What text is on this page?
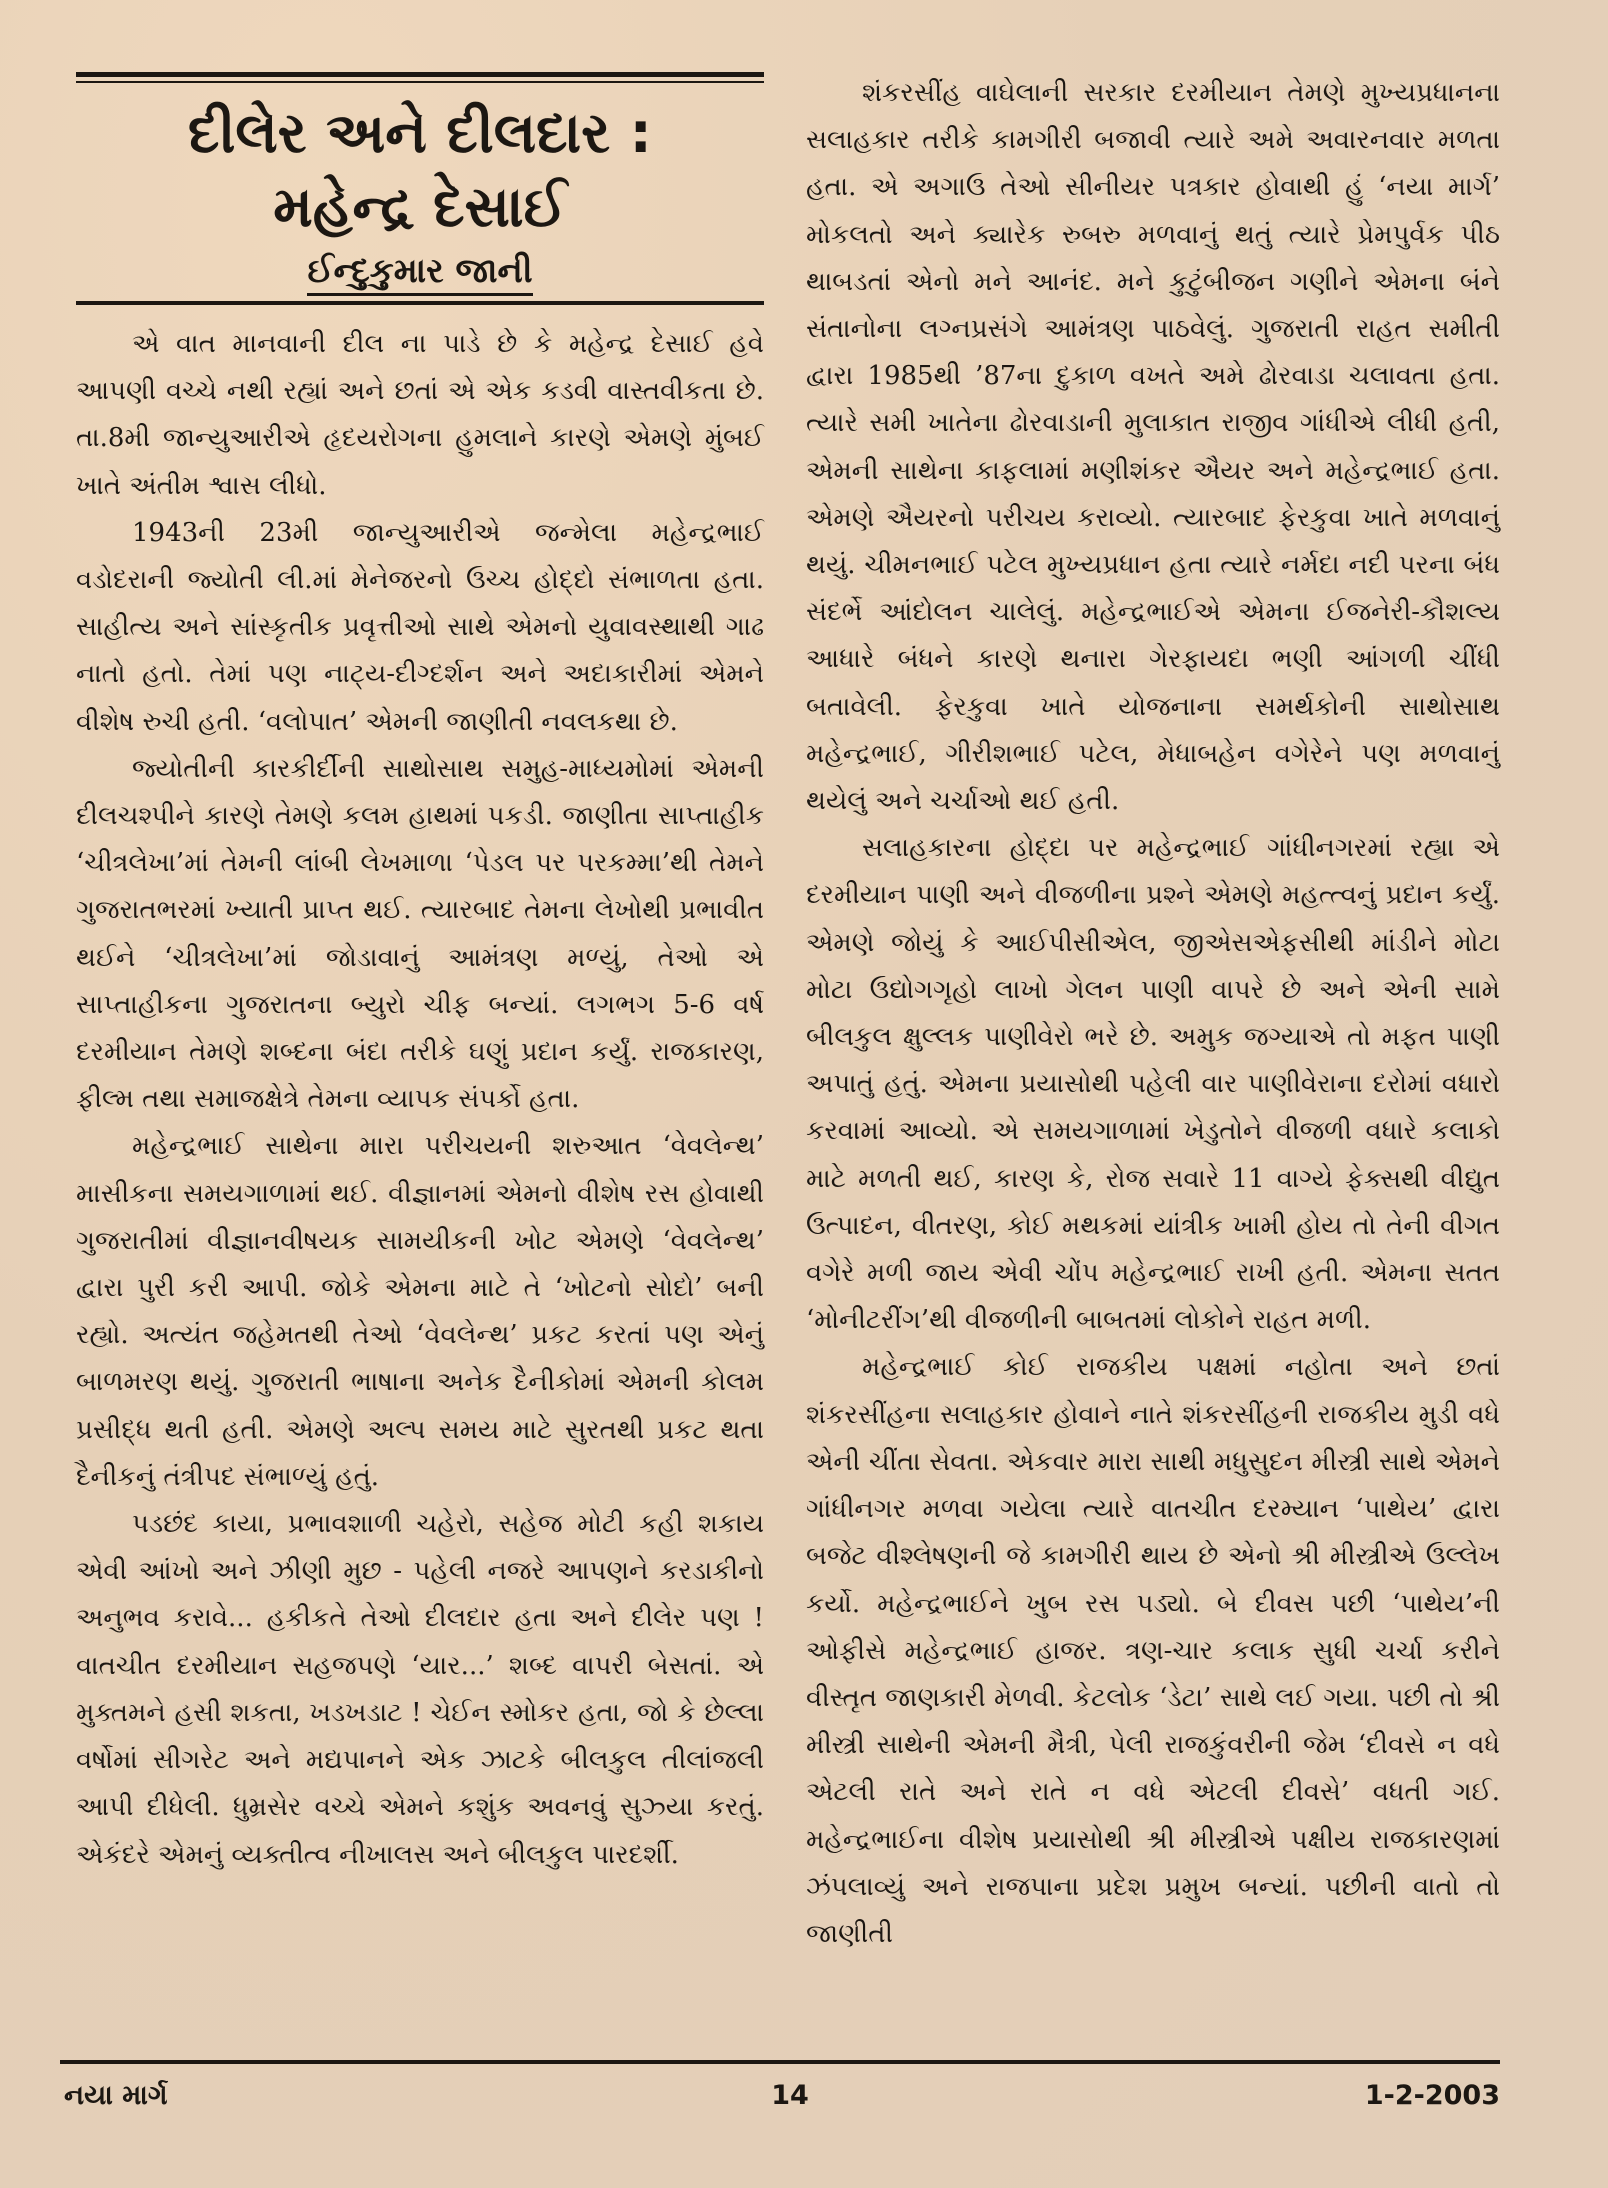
દીલેર અને દીલદાર :
મહેન્દ્ર દેસાઈ
ઈન્દુકુમાર જાની

એ વાત માનવાની દીલ ના પાડે છે કે મહેન્દ્ર દેસાઈ હવે આપણી વચ્ચે નથી રહ્યાં અને છતાં એ એક કડવી વાસ્તવીકતા છે. તા.8મી જાન્યુઆરીએ હૃદયરોગના હુમલાને કારણે એમણે મુંબઈ ખાતે અંતીમ શ્વાસ લીધો.

1943ની 23મી જાન્યુઆરીએ જન્મેલા મહેન્દ્રભાઈ વડોદરાની જ્યોતી લી.માં મેનેજરનો ઉચ્ચ હોદ્દો સંભાળતા હતા. સાહીત્ય અને સાંસ્કૃતીક પ્રવૃત્તીઓ સાથે એમનો યુવાવસ્થાથી ગાઢ નાતો હતો. તેમાં પણ નાટ્ય-દીગ્દર્શન અને અદાકારીમાં એમને વીશેષ રુચી હતી. ‘વલોપાત’ એમની જાણીતી નવલકથા છે.

જ્યોતીની કારકીર્દીની સાથોસાથ સમુહ-માધ્યમોમાં એમની દીલચશ્પીને કારણે તેમણે કલમ હાથમાં પકડી. જાણીતા સાપ્તાહીક ‘ચીત્રલેખા’માં તેમની લાંબી લેખમાળા ‘પેડલ પર પરકમ્મા’થી તેમને ગુજરાતભરમાં ખ્યાતી પ્રાપ્ત થઈ. ત્યારબાદ તેમના લેખોથી પ્રભાવીત થઈને ‘ચીત્રલેખા’માં જોડાવાનું આમંત્રણ મળ્યું, તેઓ એ સાપ્તાહીકના ગુજરાતના બ્યુરો ચીફ બન્યાં. લગભગ 5-6 વર્ષ દરમીયાન તેમણે શબ્દના બંદા તરીકે ઘણું પ્રદાન કર્યું. રાજકારણ, ફીલ્મ તથા સમાજક્ષેત્રે તેમના વ્યાપક સંપર્કો હતા.

મહેન્દ્રભાઈ સાથેના મારા પરીચયની શરુઆત ‘વેવલેન્થ’ માસીકના સમયગાળામાં થઈ. વીજ્ઞાનમાં એમનો વીશેષ રસ હોવાથી ગુજરાતીમાં વીજ્ઞાનવીષયક સામયીકની ખોટ એમણે ‘વેવલેન્થ’ દ્વારા પુરી કરી આપી. જોકે એમના માટે તે ‘ખોટનો સોદો’ બની રહ્યો. અત્યંત જહેમતથી તેઓ ‘વેવલેન્થ’ પ્રકટ કરતાં પણ એનું બાળમરણ થયું. ગુજરાતી ભાષાના અનેક દૈનીકોમાં એમની કોલમ પ્રસીદ્ધ થતી હતી. એમણે અલ્પ સમય માટે સુરતથી પ્રકટ થતા દૈનીકનું તંત્રીપદ સંભાળ્યું હતું.

પડછંદ કાયા, પ્રભાવશાળી ચહેરો, સહેજ મોટી કહી શકાય એવી આંખો અને ઝીણી મુછ - પહેલી નજરે આપણને કરડાકીનો અનુભવ કરાવે... હકીકતે તેઓ દીલદાર હતા અને દીલેર પણ ! વાતચીત દરમીયાન સહજપણે ‘યાર...’ શબ્દ વાપરી બેસતાં. એ મુક્તમને હસી શકતા, ખડખડાટ ! ચેઈન સ્મોકર હતા, જો કે છેલ્લા વર્ષોમાં સીગરેટ અને મદ્યપાનને એક ઝાટકે બીલકુલ તીલાંજલી આપી દીધેલી. ધુમ્રસેર વચ્ચે એમને કશુંક અવનવું સુઝ્યા કરતું. એકંદરે એમનું વ્યક્તીત્વ નીખાલસ અને બીલકુલ પારદર્શી.

શંકરસીંહ વાઘેલાની સરકાર દરમીયાન તેમણે મુખ્યપ્રધાનના સલાહકાર તરીકે કામગીરી બજાવી ત્યારે અમે અવારનવાર મળતા હતા. એ અગાઉ તેઓ સીનીયર પત્રકાર હોવાથી હું ‘નયા માર્ગ’ મોકલતો અને ક્યારેક રુબરુ મળવાનું થતું ત્યારે પ્રેમપુર્વક પીઠ થાબડતાં એનો મને આનંદ. મને કુટુંબીજન ગણીને એમના બંને સંતાનોના લગ્નપ્રસંગે આમંત્રણ પાઠવેલું. ગુજરાતી રાહત સમીતી દ્વારા 1985થી ’87ના દુકાળ વખતે અમે ઢોરવાડા ચલાવતા હતા. ત્યારે સમી ખાતેના ઢોરવાડાની મુલાકાત રાજીવ ગાંધીએ લીધી હતી, એમની સાથેના કાફલામાં મણીશંકર ઐયર અને મહેન્દ્રભાઈ હતા. એમણે ઐયરનો પરીચય કરાવ્યો. ત્યારબાદ ફેરકુવા ખાતે મળવાનું થયું. ચીમનભાઈ પટેલ મુખ્યપ્રધાન હતા ત્યારે નર્મદા નદી પરના બંધ સંદર્ભે આંદોલન ચાલેલું. મહેન્દ્રભાઈએ એમના ઈજનેરી-કૌશલ્ય આધારે બંધને કારણે થનારા ગેરફાયદા ભણી આંગળી ચીંધી બતાવેલી. ફેરકુવા ખાતે યોજનાના સમર્થકોની સાથોસાથ મહેન્દ્રભાઈ, ગીરીશભાઈ પટેલ, મેધાબહેન વગેરેને પણ મળવાનું થયેલું અને ચર્ચાઓ થઈ હતી.

સલાહકારના હોદ્દા પર મહેન્દ્રભાઈ ગાંધીનગરમાં રહ્યા એ દરમીયાન પાણી અને વીજળીના પ્રશ્ને એમણે મહત્ત્વનું પ્રદાન કર્યું. એમણે જોયું કે આઈપીસીએલ, જીએસએફસીથી માંડીને મોટા મોટા ઉદ્યોગગૃહો લાખો ગેલન પાણી વાપરે છે અને એની સામે બીલકુલ ક્ષુલ્લક પાણીવેરો ભરે છે. અમુક જગ્યાએ તો મફત પાણી અપાતું હતું. એમના પ્રયાસોથી પહેલી વાર પાણીવેરાના દરોમાં વધારો કરવામાં આવ્યો. એ સમયગાળામાં ખેડુતોને વીજળી વધારે કલાકો માટે મળતી થઈ, કારણ કે, રોજ સવારે 11 વાગ્યે ફેક્સથી વીદ્યુત ઉત્પાદન, વીતરણ, કોઈ મથકમાં યાંત્રીક ખામી હોય તો તેની વીગત વગેરે મળી જાય એવી ચોંપ મહેન્દ્રભાઈ રાખી હતી. એમના સતત ‘મોનીટરીંગ’થી વીજળીની બાબતમાં લોકોને રાહત મળી.

મહેન્દ્રભાઈ કોઈ રાજકીય પક્ષમાં નહોતા અને છતાં શંકરસીંહના સલાહકાર હોવાને નાતે શંકરસીંહની રાજકીય મુડી વધે એની ચીંતા સેવતા. એકવાર મારા સાથી મધુસુદન મીસ્ત્રી સાથે એમને ગાંધીનગર મળવા ગયેલા ત્યારે વાતચીત દરમ્યાન ‘પાથેય’ દ્વારા બજેટ વીશ્લેષણની જે કામગીરી થાય છે એનો શ્રી મીસ્ત્રીએ ઉલ્લેખ કર્યો. મહેન્દ્રભાઈને ખુબ રસ પડ્યો. બે દીવસ પછી ‘પાથેય’ની ઓફીસે મહેન્દ્રભાઈ હાજર. ત્રણ-ચાર કલાક સુધી ચર્ચા કરીને વીસ્તૃત જાણકારી મેળવી. કેટલોક ‘ડેટા’ સાથે લઈ ગયા. પછી તો શ્રી મીસ્ત્રી સાથેની એમની મૈત્રી, પેલી રાજકુંવરીની જેમ ‘દીવસે ન વધે એટલી રાતે અને રાતે ન વધે એટલી દીવસે’ વધતી ગઈ. મહેન્દ્રભાઈના વીશેષ પ્રયાસોથી શ્રી મીસ્ત્રીએ પક્ષીય રાજકારણમાં ઝંપલાવ્યું અને રાજપાના પ્રદેશ પ્રમુખ બન્યાં. પછીની વાતો તો જાણીતી

નયા માર્ગ	14	1-2-2003
